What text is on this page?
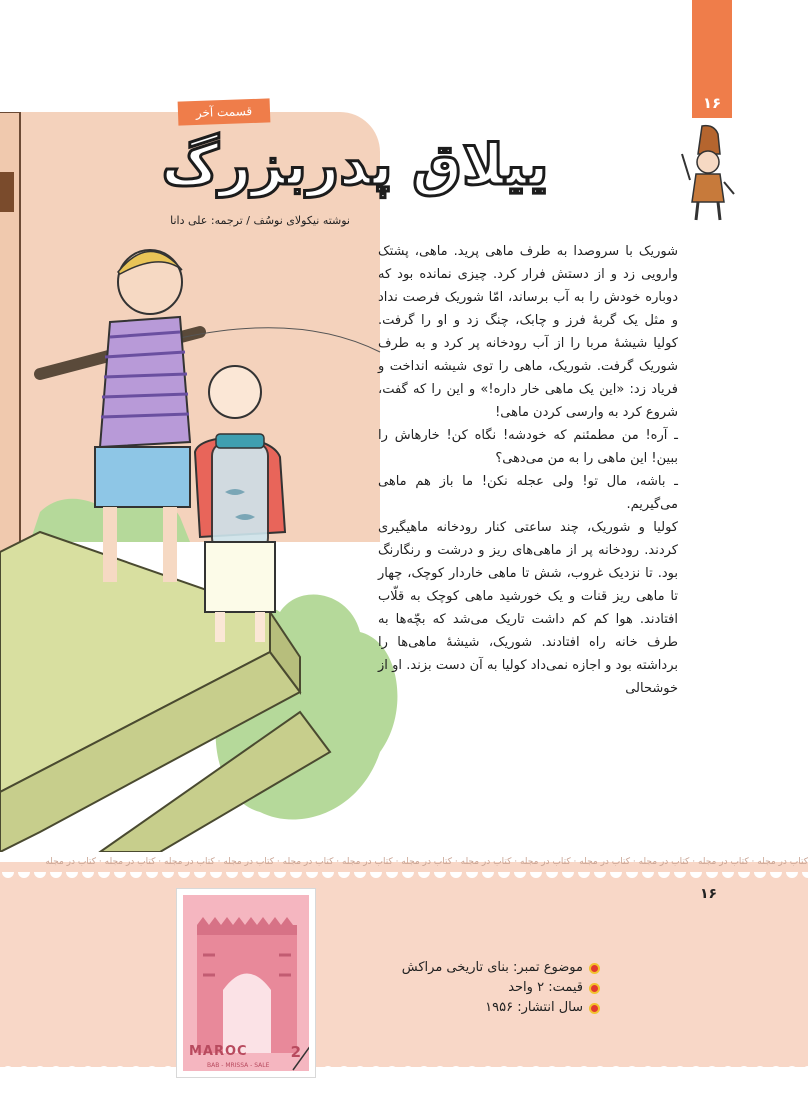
۱۶
قسمت آخر
ییلاق پدربزرگ
نوشته‌ نیکولای نوسُف / ترجمه: علی دانا

شوریک با سروصدا به طرف ماهی پرید. ماهی، پشتک وارویی زد و از دستش فرار کرد. چیزی نمانده بود که دوباره خودش را به آب برساند، امّا شوریک فرصت نداد و مثل یک گربهٔ فرز و چابک، چنگ زد و او را گرفت. کولیا شیشهٔ مربا را از آب رودخانه پر کرد و به طرف شوریک گرفت. شوریک، ماهی را توی شیشه انداخت و فریاد زد: «این یک ماهی خار داره!» و این را که گفت، شروع کرد به وارسی کردن ماهی!

ـ آره! من مطمئنم که خودشه! نگاه کن! خارهاش را ببین! این ماهی را به من می‌دهی؟

ـ باشه، مال تو! ولی عجله نکن! ما باز هم ماهی می‌گیریم.

کولیا و شوریک، چند ساعتی کنار رودخانه ماهیگیری کردند. رودخانه پر از ماهی‌های ریز و درشت و رنگارنگ بود. تا نزدیک غروب، شش تا ماهی خاردار کوچک، چهار تا ماهی ریز قنات و یک خورشید ماهی کوچک به قلّاب افتادند. هوا کم کم داشت تاریک می‌شد که بچّه‌ها به طرف خانه راه افتادند. شوریک، شیشهٔ ماهی‌ها را برداشته بود و اجازه نمی‌داد کولیا به آن دست بزند. او از خوشحالی

کتاب در مجله · کتاب در مجله · کتاب در مجله · کتاب در مجله · کتاب در مجله · کتاب در مجله · کتاب در مجله · کتاب در مجله · کتاب در مجله · کتاب در مجله · کتاب در مجله · کتاب در مجله · کتاب در مجله
۱۶
MAROC
BAB - MRISSA - SALE
2
موضوع تمبر: بنای تاریخی مراکش
قیمت: ۲ واحد
سال انتشار: ۱۹۵۶
